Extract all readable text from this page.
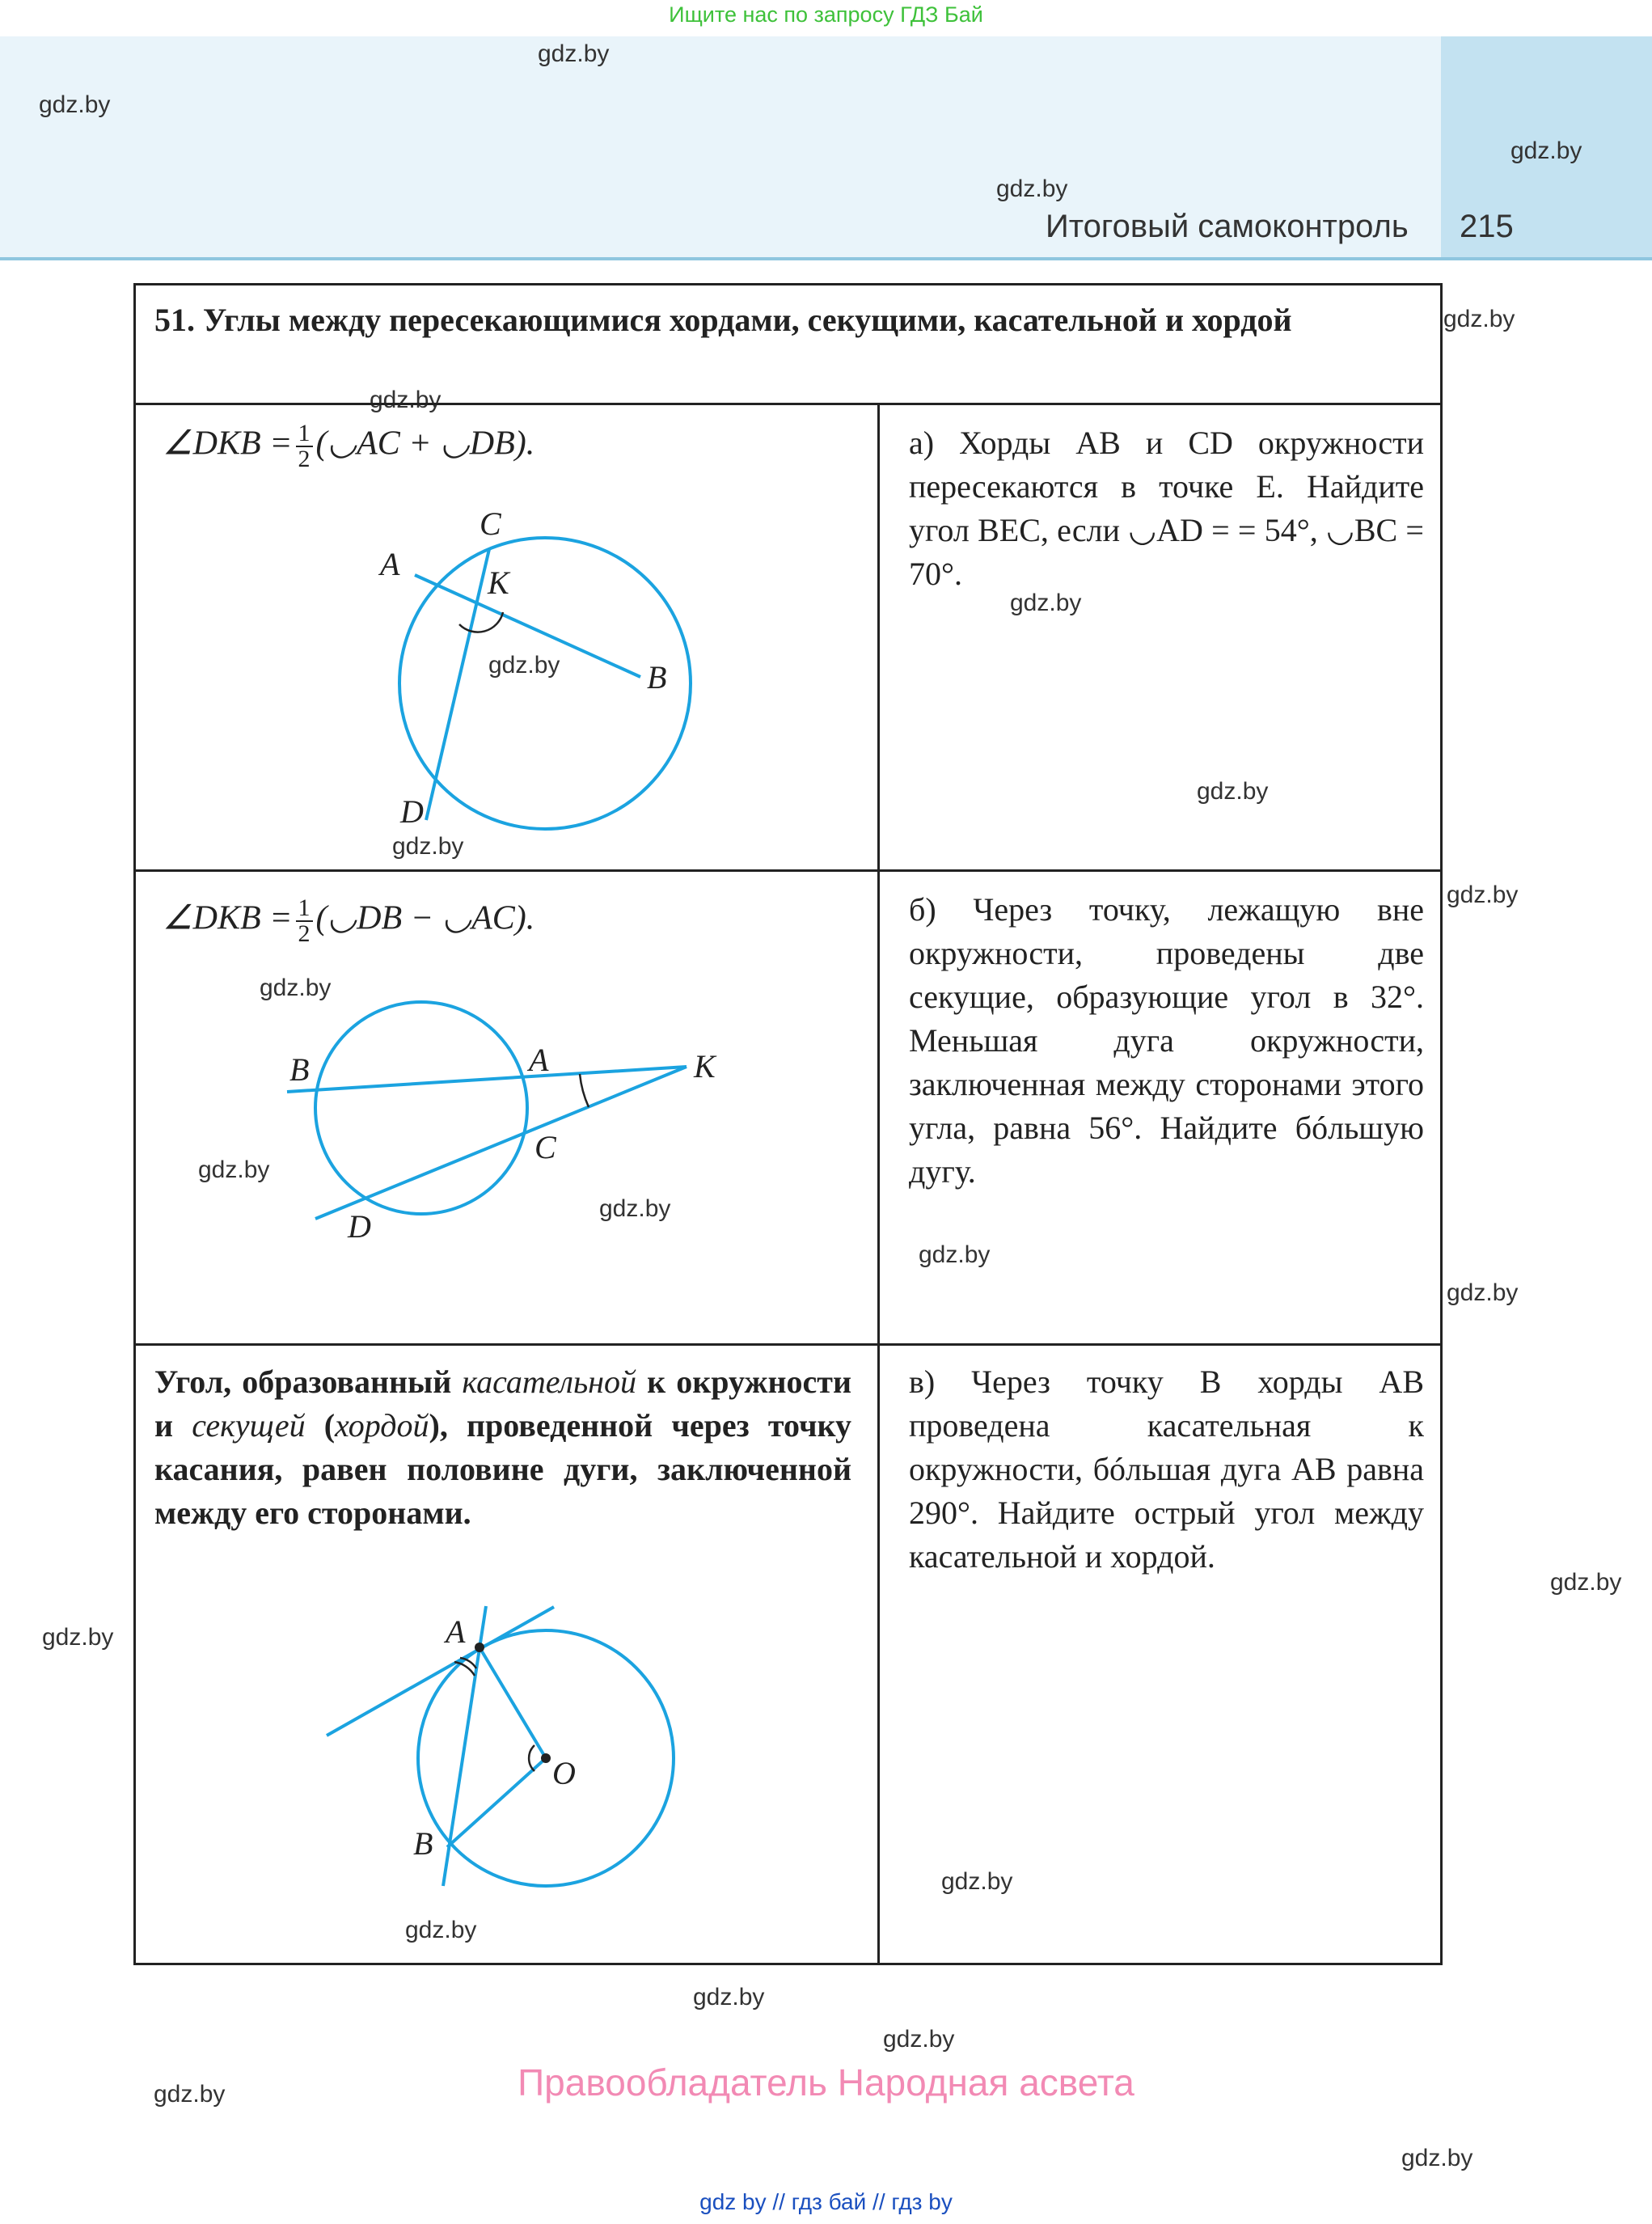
Ищите нас по запросу ГДЗ Бай
Итоговый самоконтроль 215
gdz.by
gdz.by
gdz.by
gdz.by
gdz.by
gdz.by
gdz.by
gdz.by
gdz.by
gdz.by
gdz.by
gdz.by
gdz.by
gdz.by
gdz.by
gdz.by
gdz.by
gdz.by
gdz.by
gdz.by
gdz.by
gdz.by
gdz.by
gdz.by
51. Углы между пересекающимися хордами, секущими, касательной и хордой
∠DKB = $\frac{1}{2}$ (◡AC + ◡DB).
A
C
K
B
D
а) Хорды AB и CD окружности пересекаются в точке E. Найдите угол BEC, если ◡AD = = 54°, ◡BC = 70°.
∠DKB = $\frac{1}{2}$ (◡DB − ◡AC).
B	A	K
C
D
б) Через точку, лежащую вне окружности, проведены две секущие, образующие угол в 32°. Меньшая дуга окружности, заключенная между сторонами этого угла, равна 56°. Найдите бóльшую дугу.
Угол, образованный касательной к окружности и секущей (хордой), проведенной через точку касания, равен половине дуги, заключенной между его сторонами.
A
O
B
в) Через точку B хорды AB проведена касательная к окружности, бóльшая дуга AB равна 290°. Найдите острый угол между касательной и хордой.
Правообладатель Народная асвета
gdz by // гдз бай // гдз by
